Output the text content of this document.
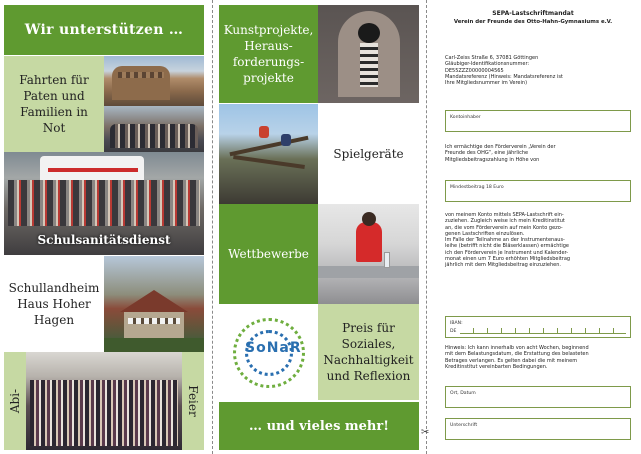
Wir unterstützen …
Fahrten für Paten und Familien in Not
Schulsanitätsdienst
Schullandheim Haus Hoher Hagen
Abi-	Feier
Kunstprojekte, Heraus-forderungs-projekte
Spielgeräte
Wettbewerbe
SoNaR
Preis für Soziales, Nachhaltigkeit und Reflexion
… und vieles mehr!	✂
SEPA-Lastschriftmandat
Verein der Freunde des Otto-Hahn-Gymnasiums e.V.
Carl-Zeiss Straße 6, 37081 Göttingen
Gläubiger-Identifikationsnummer:
DE55ZZZ00000004565
Mandatsreferenz (Hinweis: Mandatsreferenz ist
Ihre Mitgliedsnummer im Verein)
Kontoinhaber
Ich ermächtige den Förderverein „Verein der
Freunde des OHG“, eine jährliche
Mitgliedsbeitragszahlung in Höhe von
Mindestbeitrag 18 Euro
von meinem Konto mittels SEPA-Lastschrift ein-
zuziehen. Zugleich weise ich mein Kreditinstitut
an, die vom Förderverein auf mein Konto gezo-
genen Lastschriften einzulösen.
Im Falle der Teilnahme an der Instrumentenaus-
leihe (betrifft nicht die Bläserklassen) ermächtige
ich den Förderverein je Instrument und Kalender-
monat einen um 7 Euro erhöhten Mitgliedsbeitrag
jährlich mit dem Mitgliedsbeitrag einzuziehen.
IBAN:
DE
Hinweis: Ich kann innerhalb von acht Wochen, beginnend
mit dem Belastungsdatum, die Erstattung des belasteten
Betrages verlangen. Es gelten dabei die mit meinem
Kreditinstitut vereinbarten Bedingungen.
Ort, Datum
Unterschrift
